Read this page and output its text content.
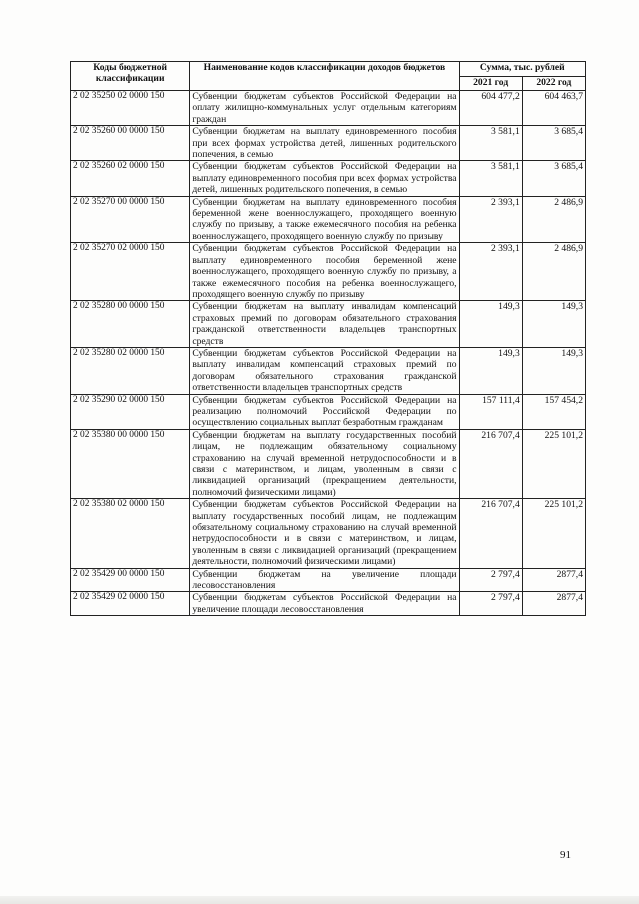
Коды бюджетной классификации	Наименование кодов классификации доходов бюджетов	Сумма, тыс. рублей	
		2021 год	2022 год
2 02 35250 02 0000 150	Субвенции бюджетам субъектов Российской Федерации на оплату жилищно-коммунальных услуг отдельным категориям граждан	604 477,2	604 463,7
2 02 35260 00 0000 150	Субвенции бюджетам на выплату единовременного пособия при всех формах устройства детей, лишенных родительского попечения, в семью	3 581,1	3 685,4
2 02 35260 02 0000 150	Субвенции бюджетам субъектов Российской Федерации на выплату единовременного пособия при всех формах устройства детей, лишенных родительского попечения, в семью	3 581,1	3 685,4
2 02 35270 00 0000 150	Субвенции бюджетам на выплату единовременного пособия беременной жене военнослужащего, проходящего военную службу по призыву, а также ежемесячного пособия на ребенка военнослужащего, проходящего военную службу по призыву	2 393,1	2 486,9
2 02 35270 02 0000 150	Субвенции бюджетам субъектов Российской Федерации на выплату единовременного пособия беременной жене военнослужащего, проходящего военную службу по призыву, а также ежемесячного пособия на ребенка военнослужащего, проходящего военную службу по призыву	2 393,1	2 486,9
2 02 35280 00 0000 150	Субвенции бюджетам на выплату инвалидам компенсаций страховых премий по договорам обязательного страхования гражданской ответственности владельцев транспортных средств	149,3	149,3
2 02 35280 02 0000 150	Субвенции бюджетам субъектов Российской Федерации на выплату инвалидам компенсаций страховых премий по договорам обязательного страхования гражданской ответственности владельцев транспортных средств	149,3	149,3
2 02 35290 02 0000 150	Субвенции бюджетам субъектов Российской Федерации на реализацию полномочий Российской Федерации по осуществлению социальных выплат безработным гражданам	157 111,4	157 454,2
2 02 35380 00 0000 150	Субвенции бюджетам на выплату государственных пособий лицам, не подлежащим обязательному социальному страхованию на случай временной нетрудоспособности и в связи с материнством, и лицам, уволенным в связи с ликвидацией организаций (прекращением деятельности, полномочий физическими лицами)	216 707,4	225 101,2
2 02 35380 02 0000 150	Субвенции бюджетам субъектов Российской Федерации на выплату государственных пособий лицам, не подлежащим обязательному социальному страхованию на случай временной нетрудоспособности и в связи с материнством, и лицам, уволенным в связи с ликвидацией организаций (прекращением деятельности, полномочий физическими лицами)	216 707,4	225 101,2
2 02 35429 00 0000 150	Субвенции бюджетам на увеличение площади лесовосстановления	2 797,4	2877,4
2 02 35429 02 0000 150	Субвенции бюджетам субъектов Российской Федерации на увеличение площади лесовосстановления	2 797,4	2877,4
91
